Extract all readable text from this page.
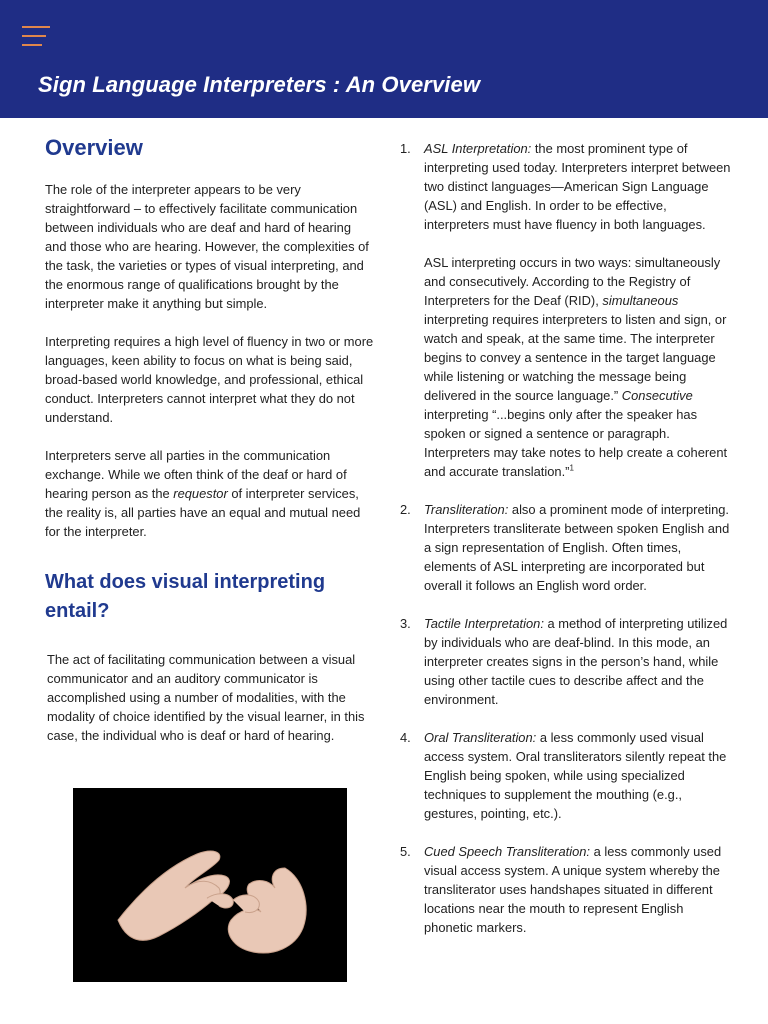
Sign Language Interpreters : An Overview
Overview

The role of the interpreter appears to be very straightforward – to effectively facilitate communication between individuals who are deaf and hard of hearing and those who are hearing. However, the complexities of the task, the varieties or types of visual interpreting, and the enormous range of qualifications brought by the interpreter make it anything but simple.

Interpreting requires a high level of fluency in two or more languages, keen ability to focus on what is being said, broad-based world knowledge, and professional, ethical conduct. Interpreters cannot interpret what they do not understand.

Interpreters serve all parties in the communication exchange. While we often think of the deaf or hard of hearing person as the requestor of interpreter services, the reality is, all parties have an equal and mutual need for the interpreter.

What does visual interpreting entail?

The act of facilitating communication between a visual communicator and an auditory communicator is accomplished using a number of modalities, with the modality of choice identified by the visual learner, in this case, the individual who is deaf or hard of hearing.

1.	ASL Interpretation: the most prominent type of interpreting used today. Interpreters interpret between two distinct languages—American Sign Language (ASL) and English. In order to be effective, interpreters must have fluency in both languages.

ASL interpreting occurs in two ways: simultaneously and consecutively. According to the Registry of Interpreters for the Deaf (RID), simultaneous interpreting requires interpreters to listen and sign, or watch and speak, at the same time. The interpreter begins to convey a sentence in the target language while listening or watching the message being delivered in the source language.” Consecutive interpreting “...begins only after the speaker has spoken or signed a sentence or paragraph. Interpreters may take notes to help create a coherent and accurate translation.”$^1$

2.	Transliteration: also a prominent mode of interpreting. Interpreters transliterate between spoken English and a sign representation of English. Often times, elements of ASL interpreting are incorporated but overall it follows an English word order.

3.	Tactile Interpretation: a method of interpreting utilized by individuals who are deaf-blind. In this mode, an interpreter creates signs in the person’s hand, while using other tactile cues to describe affect and the environment.

4.	Oral Transliteration: a less commonly used visual access system. Oral transliterators silently repeat the English being spoken, while using specialized techniques to supplement the mouthing (e.g., gestures, pointing, etc.).

5.	Cued Speech Transliteration: a less commonly used visual access system. A unique system whereby the transliterator uses handshapes situated in different locations near the mouth to represent English phonetic markers.
